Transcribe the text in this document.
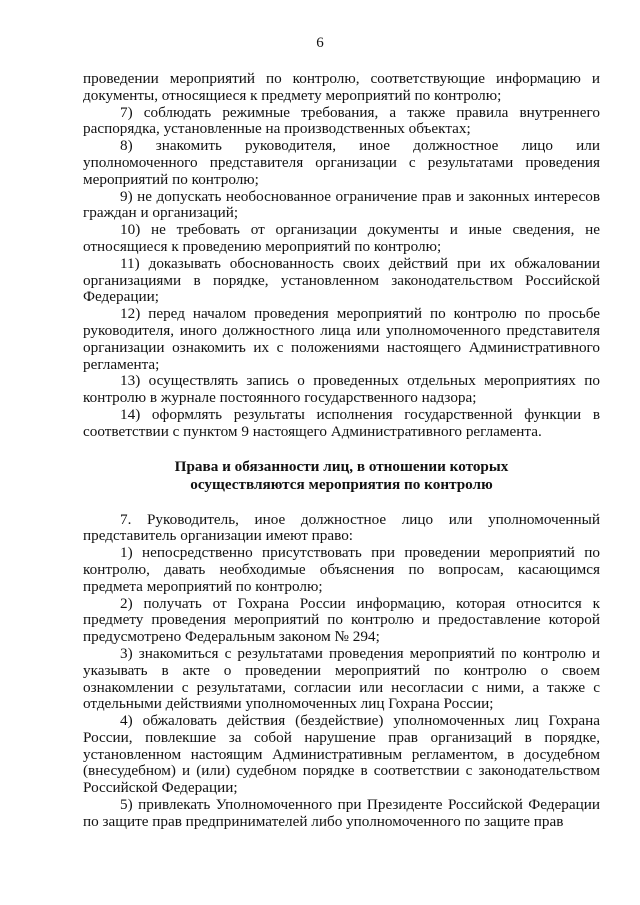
6

проведении мероприятий по контролю, соответствующие информацию и документы, относящиеся к предмету мероприятий по контролю;

7) соблюдать режимные требования, а также правила внутреннего распорядка, установленные на производственных объектах;

8) знакомить руководителя, иное должностное лицо или уполномоченного представителя организации с результатами проведения мероприятий по контролю;

9) не допускать необоснованное ограничение прав и законных интересов граждан и организаций;

10) не требовать от организации документы и иные сведения, не относящиеся к проведению мероприятий по контролю;

11) доказывать обоснованность своих действий при их обжаловании организациями в порядке, установленном законодательством Российской Федерации;

12) перед началом проведения мероприятий по контролю по просьбе руководителя, иного должностного лица или уполномоченного представителя организации ознакомить их с положениями настоящего Административного регламента;

13) осуществлять запись о проведенных отдельных мероприятиях по контролю в журнале постоянного государственного надзора;

14) оформлять результаты исполнения государственной функции в соответствии с пунктом 9 настоящего Административного регламента.

Права и обязанности лиц, в отношении которых
осуществляются мероприятия по контролю

7. Руководитель, иное должностное лицо или уполномоченный представитель организации имеют право:

1) непосредственно присутствовать при проведении мероприятий по контролю, давать необходимые объяснения по вопросам, касающимся предмета мероприятий по контролю;

2) получать от Гохрана России информацию, которая относится к предмету проведения мероприятий по контролю и предоставление которой предусмотрено Федеральным законом № 294;

3) знакомиться с результатами проведения мероприятий по контролю и указывать в акте о проведении мероприятий по контролю о своем ознакомлении с результатами, согласии или несогласии с ними, а также с отдельными действиями уполномоченных лиц Гохрана России;

4) обжаловать действия (бездействие) уполномоченных лиц Гохрана России, повлекшие за собой нарушение прав организаций в порядке, установленном настоящим Административным регламентом, в досудебном (внесудебном) и (или) судебном порядке в соответствии с законодательством Российской Федерации;

5) привлекать Уполномоченного при Президенте Российской Федерации по защите прав предпринимателей либо уполномоченного по защите прав
